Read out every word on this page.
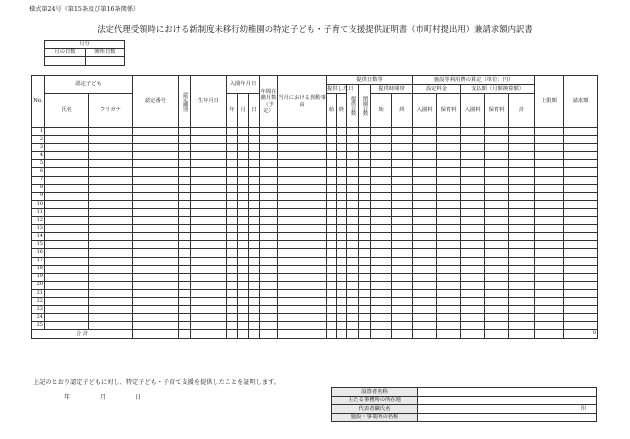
様式第24号（第15条及び第16条関係）
法定代理受領時における新制度未移行幼稚園の特定子ども・子育て支援提供証明書（市町村提出用）兼請求額内訳書
月分	
月の日数	開所日数

No.	認定子ども		認定番号	認定種別	生年月日	入園年月日			年間在籍月数（予定）	当月における異動事由	提供日数等						施設等利用費の算定（単位：円）					上限額	請求額
											提供した日		提供日数	閉園日数	提供時間帯		設定料金		支払額（月額換算額）				
	氏名	フリガナ				年	月	日			始	終			始	終	入園料	保育料	入園料	保育料	計		
1																							
2																							
3																							
4																							
5																							
6																							
7																							
8																							
9																							
10																							
11																							
12																							
13																							
14																							
15																							
16																							
17																							
18																							
19																							
20																							
21																							
22																							
23																							
24																							
25																							
合 計																							0
上記のとおり認定子どもに対し、特定子ども・子育て支援を提供したことを証明します。
年	月	日
設置者名称	
主たる事務所の所在地	
代表者職氏名	印
施設・事業所の名称	
